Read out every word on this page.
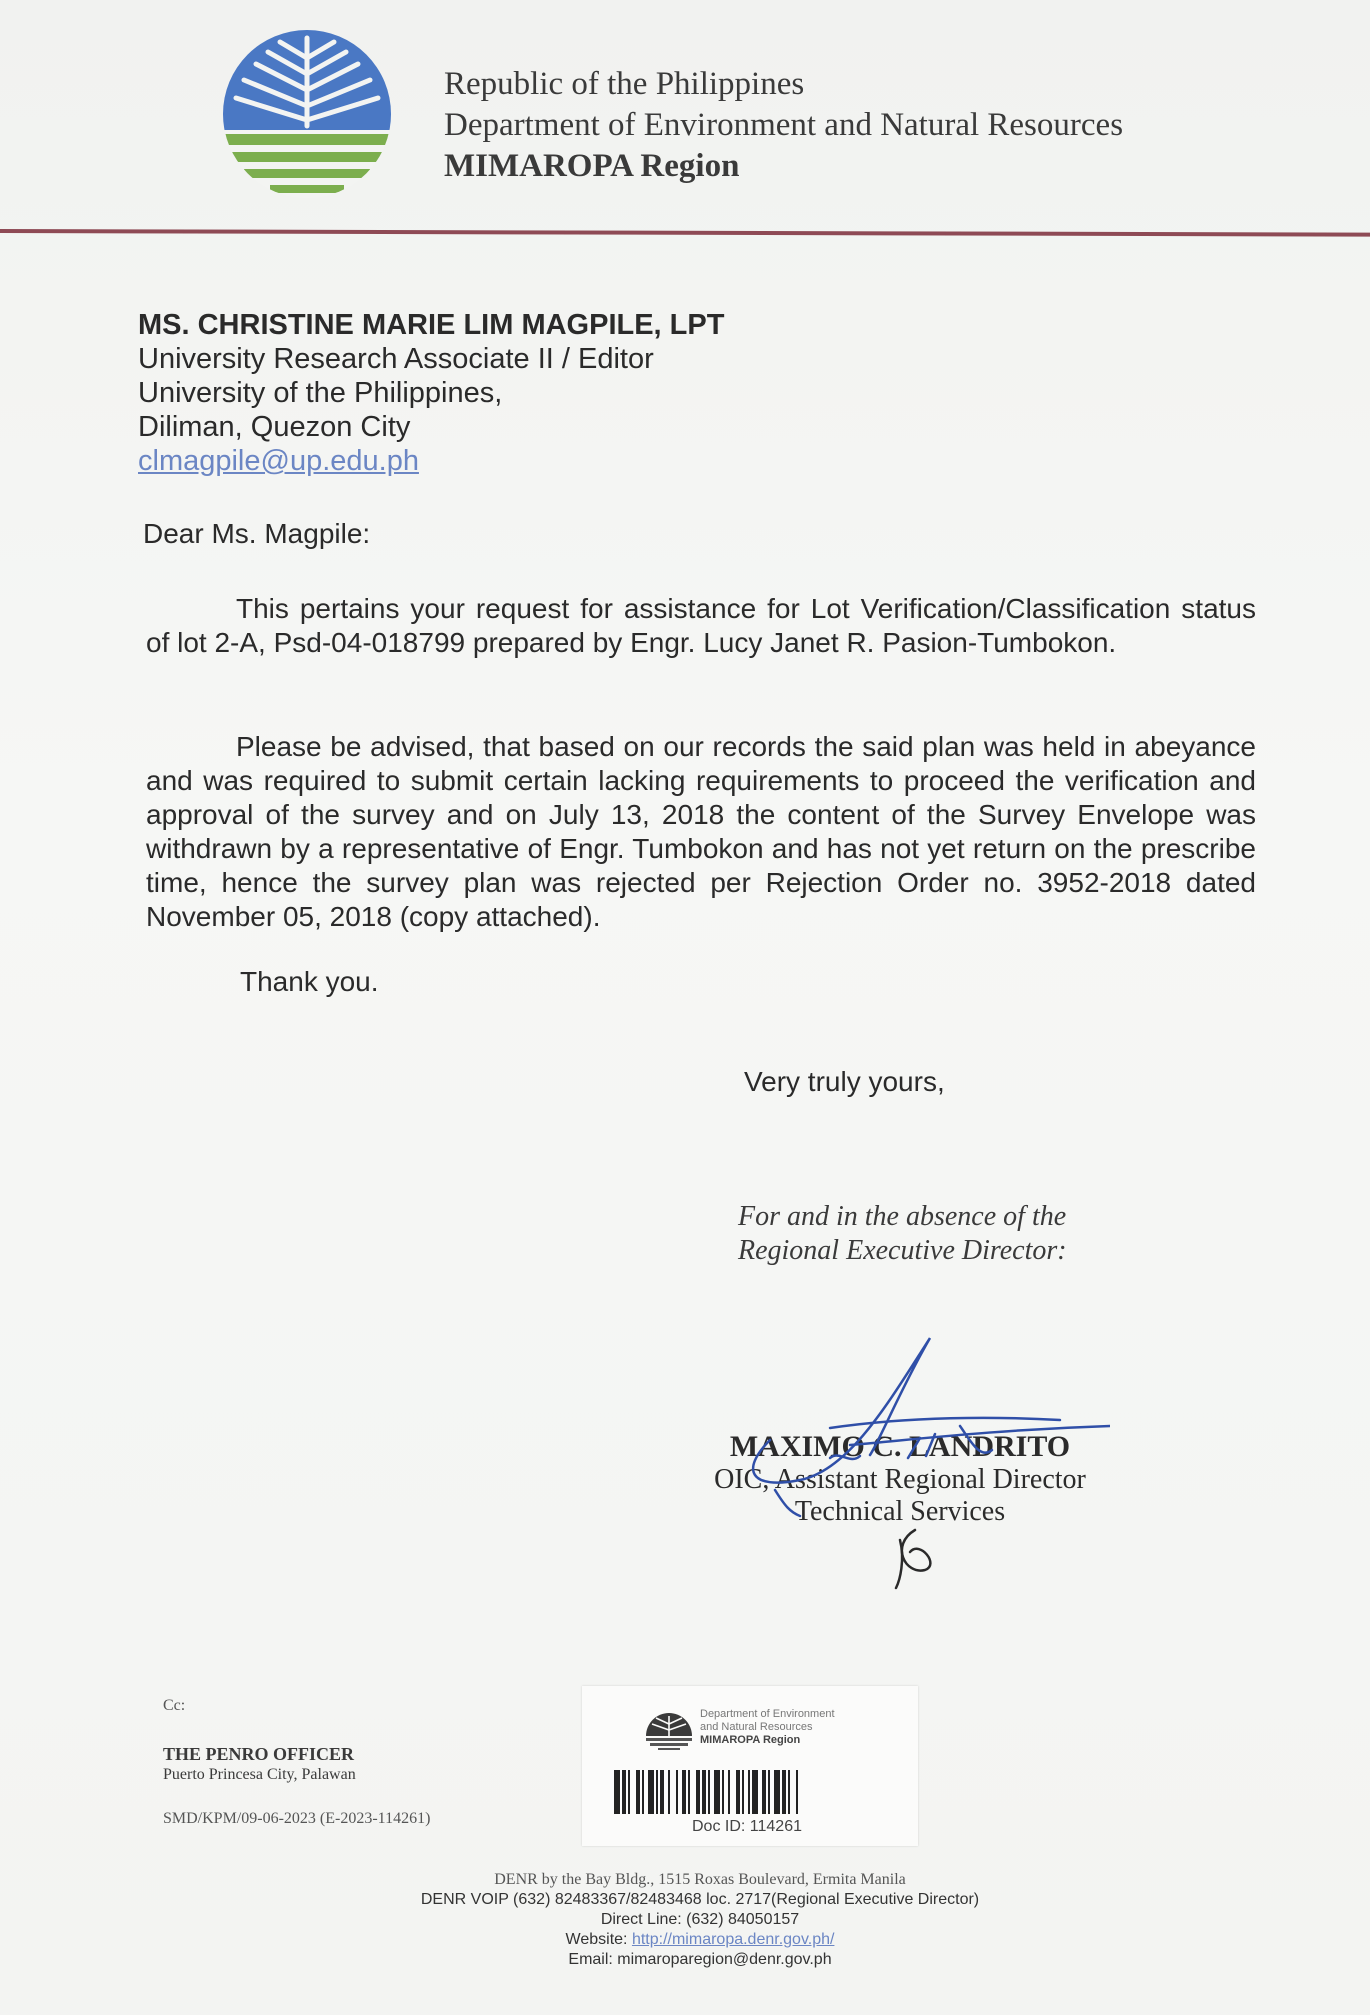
Republic of the Philippines
Department of Environment and Natural Resources
MIMAROPA Region
MS. CHRISTINE MARIE LIM MAGPILE, LPT
University Research Associate II / Editor
University of the Philippines,
Diliman, Quezon City
clmagpile@up.edu.ph
Dear Ms. Magpile:

This pertains your request for assistance for Lot Verification/Classification status of lot 2-A, Psd-04-018799 prepared by Engr. Lucy Janet R. Pasion-Tumbokon.

Please be advised, that based on our records the said plan was held in abeyance and was required to submit certain lacking requirements to proceed the verification and approval of the survey and on July 13, 2018 the content of the Survey Envelope was withdrawn by a representative of Engr. Tumbokon and has not yet return on the prescribe time, hence the survey plan was rejected per Rejection Order no. 3952-2018 dated November 05, 2018 (copy attached).

Thank you.
Very truly yours,
For and in the absence of the
Regional Executive Director:
MAXIMO C. LANDRITO
OIC, Assistant Regional Director
Technical Services
Cc:
THE PENRO OFFICER
Puerto Princesa City, Palawan
SMD/KPM/09-06-2023 (E-2023-114261)
Department of Environment
and Natural Resources
MIMAROPA Region
Doc ID: 114261
DENR by the Bay Bldg., 1515 Roxas Boulevard, Ermita Manila
DENR VOIP (632) 82483367/82483468 loc. 2717(Regional Executive Director)
Direct Line: (632) 84050157
Website: http://mimaropa.denr.gov.ph/
Email: mimaroparegion@denr.gov.ph
